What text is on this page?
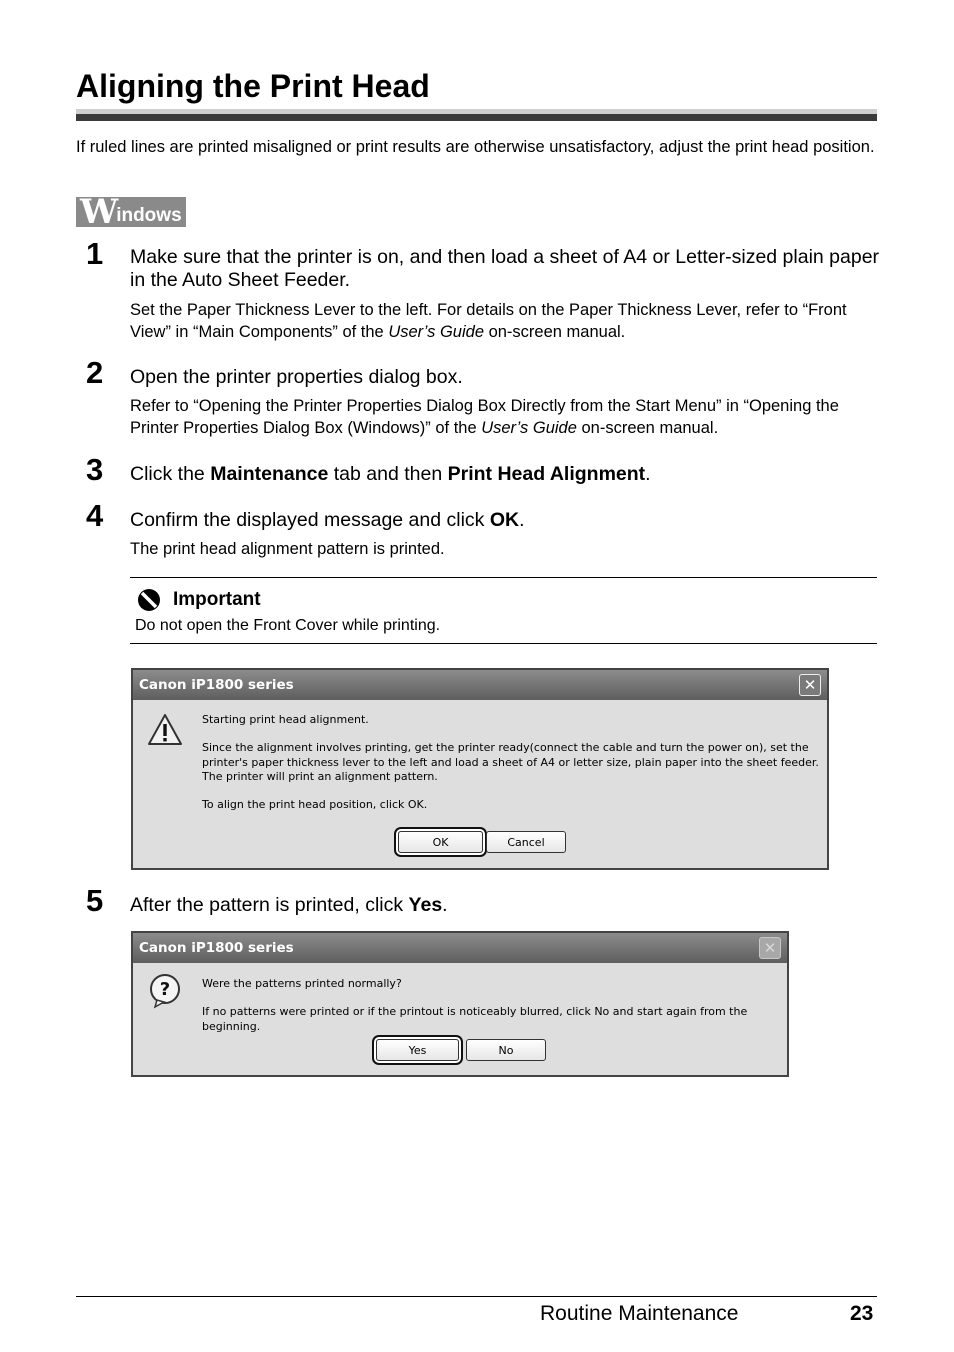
Aligning the Print Head
If ruled lines are printed misaligned or print results are otherwise unsatisfactory, adjust the print head position.
W indows
1 Make sure that the printer is on, and then load a sheet of A4 or Letter-sized plain paper in the Auto Sheet Feeder.
Set the Paper Thickness Lever to the left. For details on the Paper Thickness Lever, refer to “Front View” in “Main Components” of the User’s Guide on-screen manual.
2 Open the printer properties dialog box.
Refer to “Opening the Printer Properties Dialog Box Directly from the Start Menu” in “Opening the Printer Properties Dialog Box (Windows)” of the User’s Guide on-screen manual.
3 Click the Maintenance tab and then Print Head Alignment.
4 Confirm the displayed message and click OK.
The print head alignment pattern is printed.
Important
Do not open the Front Cover while printing.
Canon iP1800 series	✕
Starting print head alignment.
Since the alignment involves printing, get the printer ready(connect the cable and turn the power on), set the printer's paper thickness lever to the left and load a sheet of A4 or letter size, plain paper into the sheet feeder. The printer will print an alignment pattern.
To align the print head position, click OK.
OK	Cancel
5 After the pattern is printed, click Yes.
Canon iP1800 series	✕
?	Were the patterns printed normally?
If no patterns were printed or if the printout is noticeably blurred, click No and start again from the beginning.
Yes	No
Routine Maintenance	23
